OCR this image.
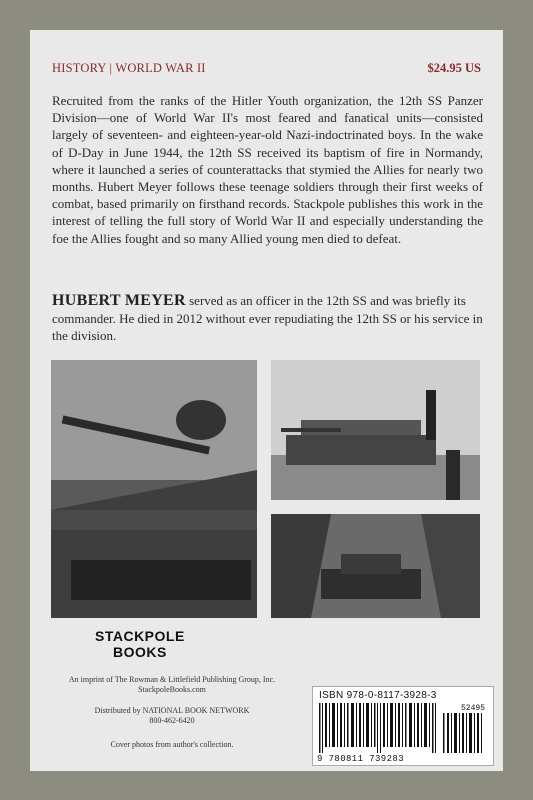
HISTORY | WORLD WAR II	$24.95 US

Recruited from the ranks of the Hitler Youth organization, the 12th SS Panzer Division—one of World War II's most feared and fanatical units—consisted largely of seventeen- and eighteen-year-old Nazi-indoctrinated boys. In the wake of D-Day in June 1944, the 12th SS received its baptism of fire in Normandy, where it launched a series of counterattacks that stymied the Allies for nearly two months. Hubert Meyer follows these teenage soldiers through their first weeks of combat, based primarily on firsthand records. Stackpole publishes this work in the interest of telling the full story of World War II and especially understanding the foe the Allies fought and so many Allied young men died to defeat.

HUBERT MEYER served as an officer in the 12th SS and was briefly its commander. He died in 2012 without ever repudiating the 12th SS or his service in the division.

STACKPOLE
BOOKS
An imprint of The Rowman & Littlefield Publishing Group, Inc.
StackpoleBooks.com
Distributed by NATIONAL BOOK NETWORK
800-462-6420
Cover photos from author's collection.
ISBN 978-0-8117-3928-3
52495
9 780811 739283
